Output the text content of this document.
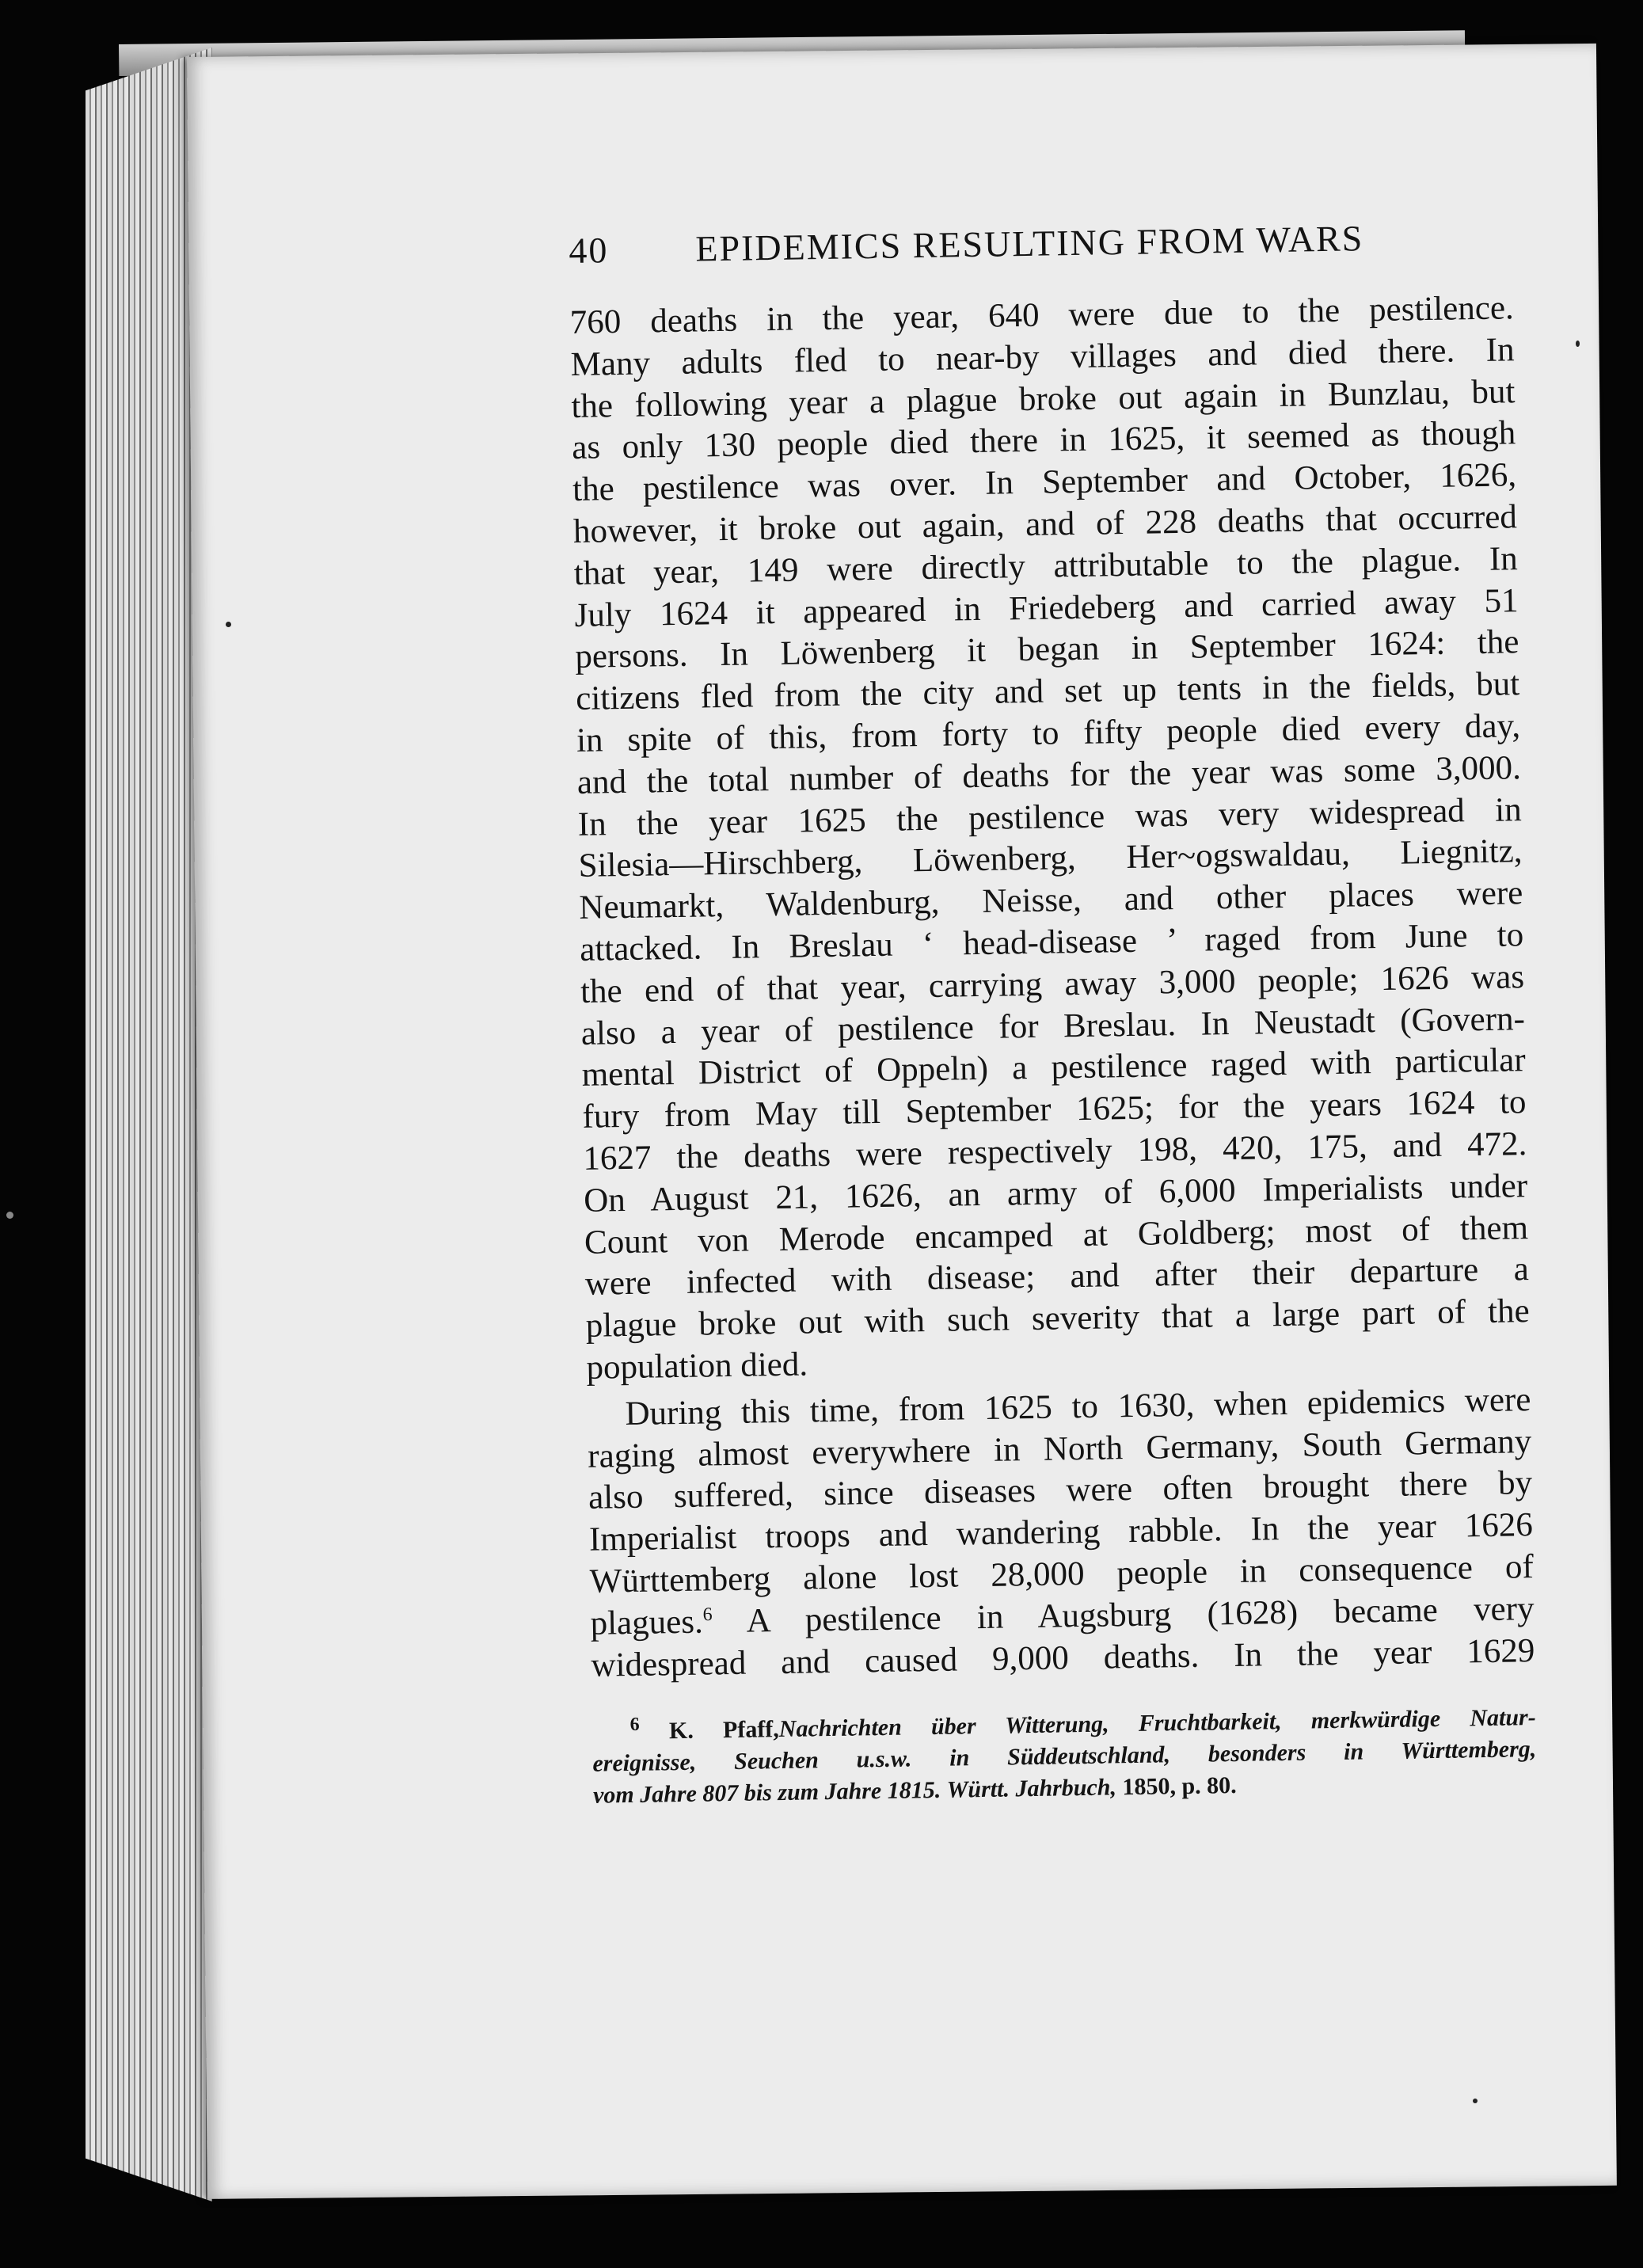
40 EPIDEMICS RESULTING FROM WARS
760 deaths in the year, 640 were due to the pestilence.
Many adults fled to near-by villages and died there. In
the following year a plague broke out again in Bunzlau, but
as only 130 people died there in 1625, it seemed as though
the pestilence was over. In September and October, 1626,
however, it broke out again, and of 228 deaths that occurred
that year, 149 were directly attributable to the plague. In
July 1624 it appeared in Friedeberg and carried away 51
persons. In Löwenberg it began in September 1624: the
citizens fled from the city and set up tents in the fields, but
in spite of this, from forty to fifty people died every day,
and the total number of deaths for the year was some 3,000.
In the year 1625 the pestilence was very widespread in
Silesia—Hirschberg, Löwenberg, Her~ogswaldau, Liegnitz,
Neumarkt, Waldenburg, Neisse, and other places were
attacked. In Breslau ‘ head-disease ’ raged from June to
the end of that year, carrying away 3,000 people; 1626 was
also a year of pestilence for Breslau. In Neustadt (Govern-
mental District of Oppeln) a pestilence raged with particular
fury from May till September 1625; for the years 1624 to
1627 the deaths were respectively 198, 420, 175, and 472.
On August 21, 1626, an army of 6,000 Imperialists under
Count von Merode encamped at Goldberg; most of them
were infected with disease; and after their departure a
plague broke out with such severity that a large part of the
population died.
During this time, from 1625 to 1630, when epidemics were
raging almost everywhere in North Germany, South Germany
also suffered, since diseases were often brought there by
Imperialist troops and wandering rabble. In the year 1626
Württemberg alone lost 28,000 people in consequence of
plagues.$^6$ A pestilence in Augsburg (1628) became very
widespread and caused 9,000 deaths. In the year 1629
$^6$ K. Pfaff,Nachrichten über Witterung, Fruchtbarkeit, merkwürdige Natur-
ereignisse, Seuchen u.s.w. in Süddeutschland, besonders in Württemberg,
vom Jahre 807 bis zum Jahre 1815. Württ. Jahrbuch, 1850, p. 80.
